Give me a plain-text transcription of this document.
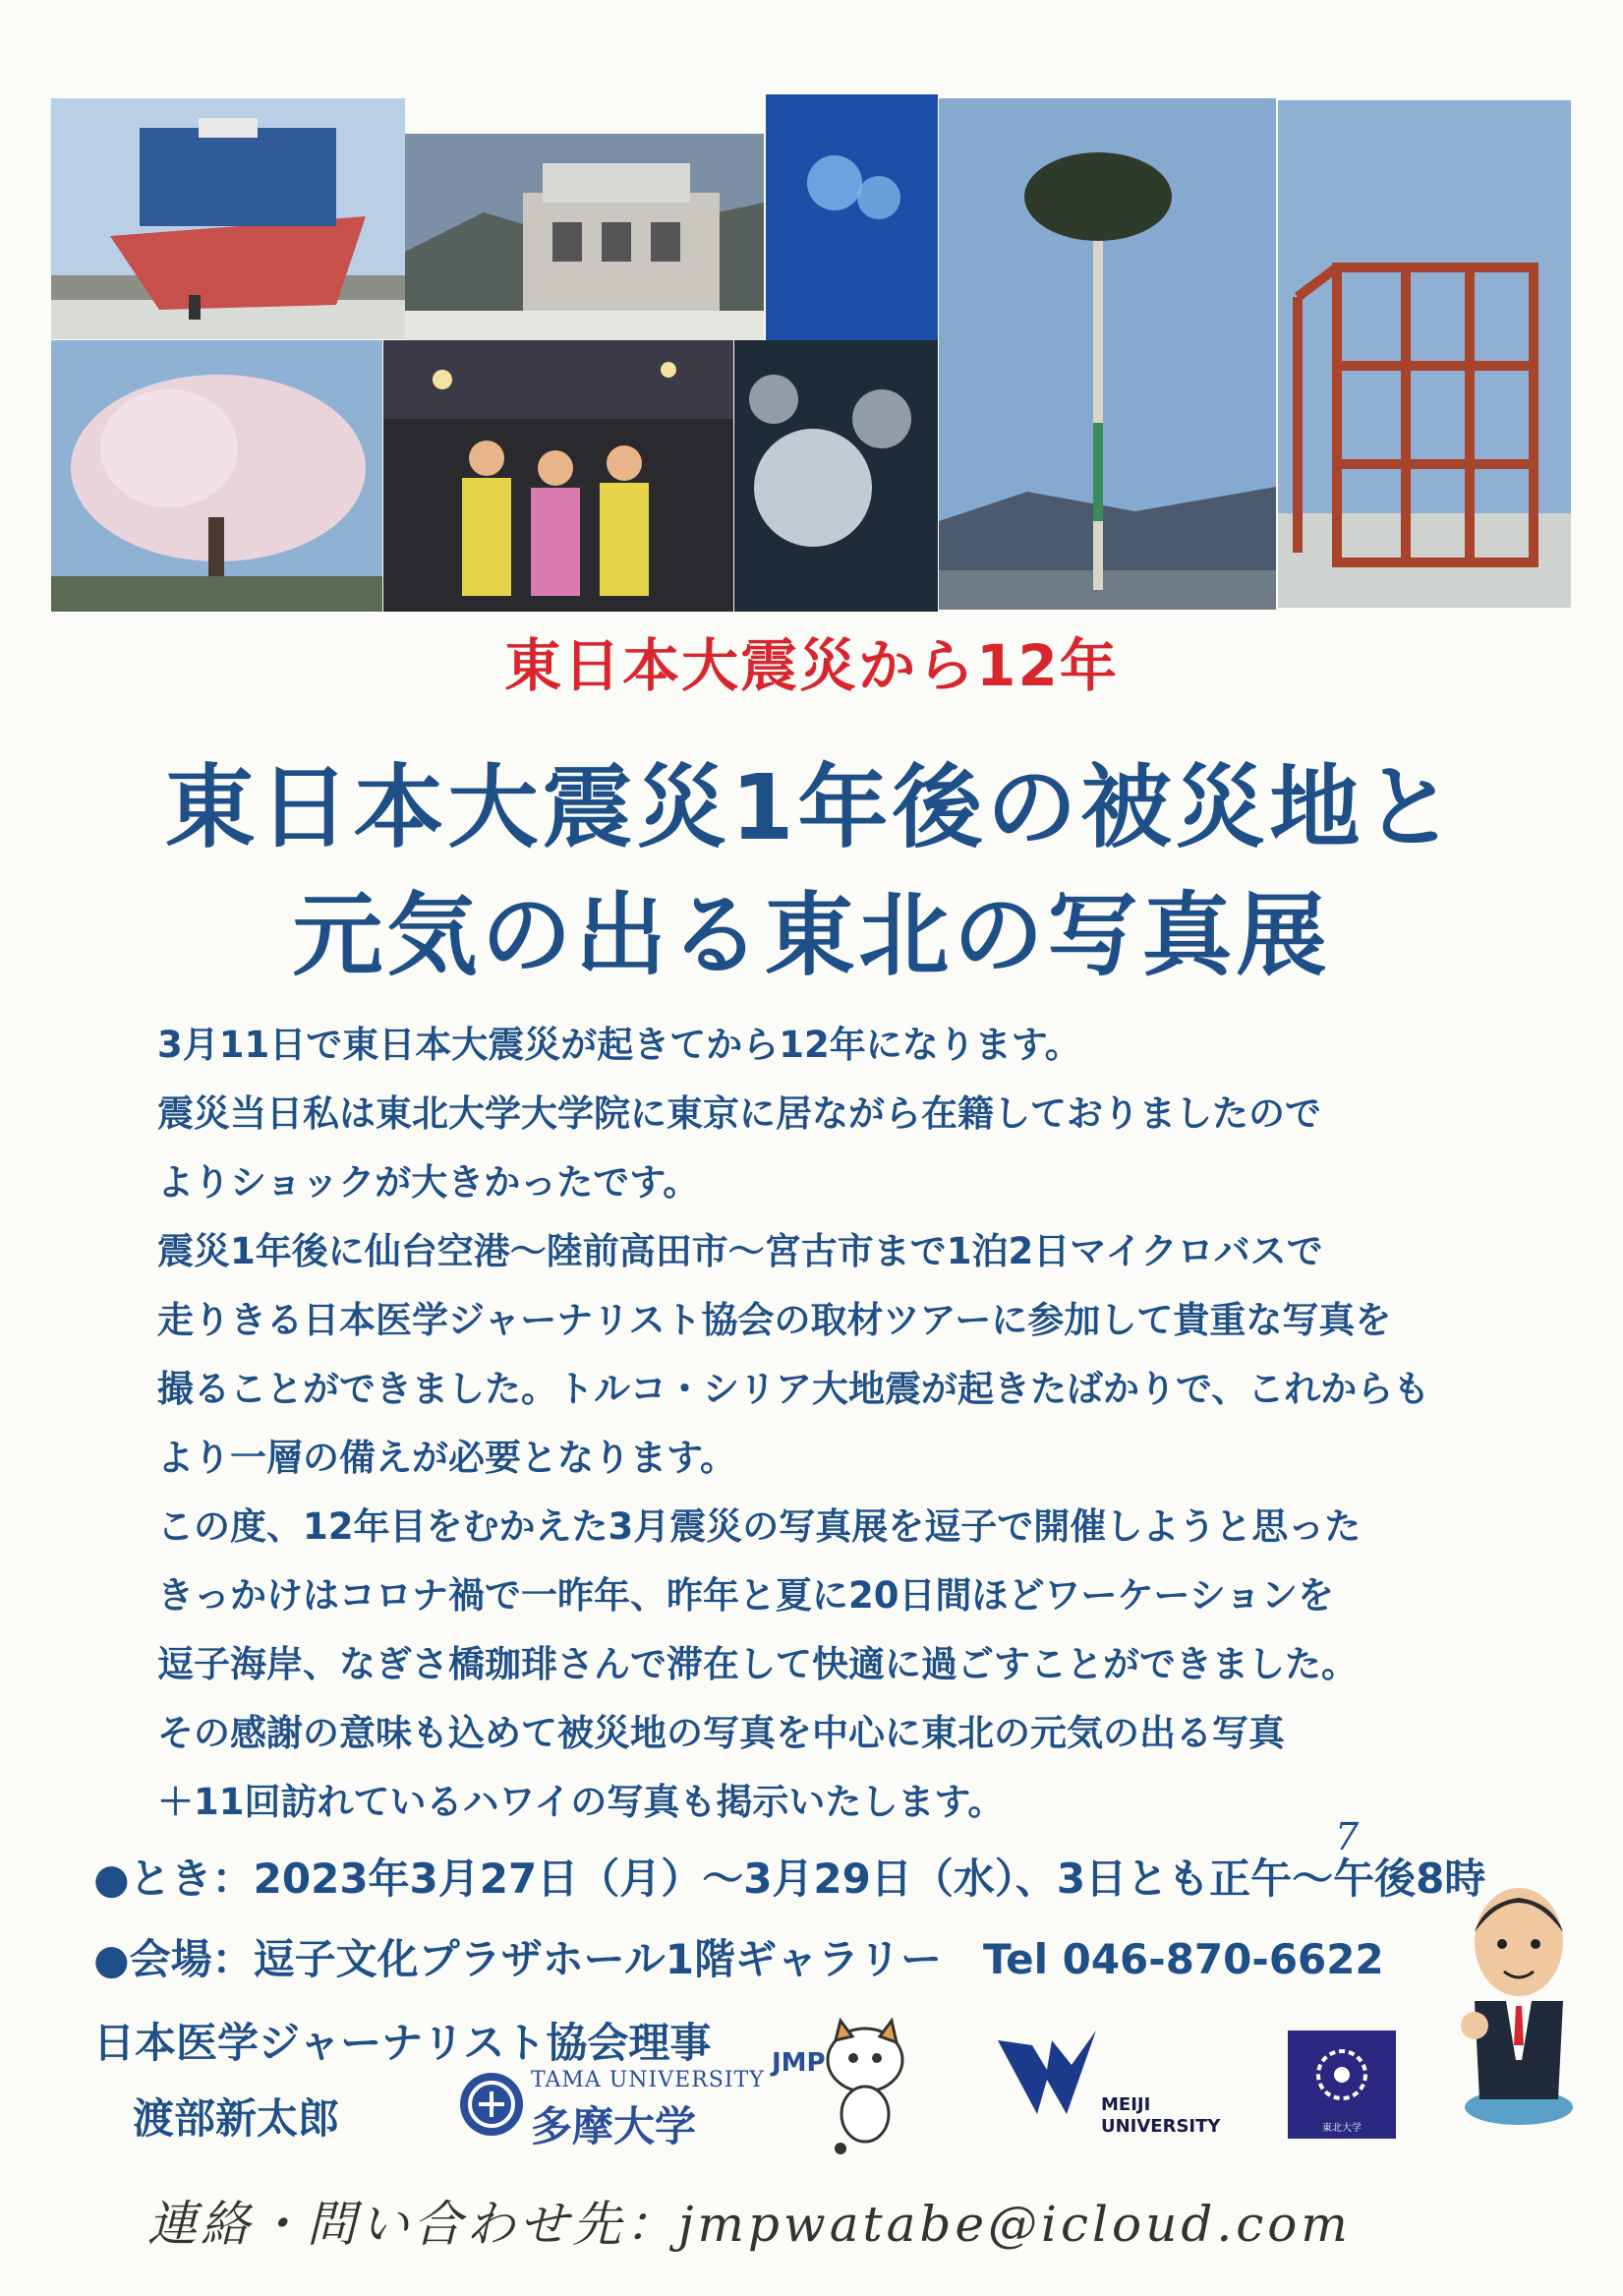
東日本大震災から12年
東日本大震災1年後の被災地と
元気の出る東北の写真展

3月11日で東日本大震災が起きてから12年になります。

震災当日私は東北大学大学院に東京に居ながら在籍しておりましたので

よりショックが大きかったです。

震災1年後に仙台空港～陸前高田市～宮古市まで1泊2日マイクロバスで

走りきる日本医学ジャーナリスト協会の取材ツアーに参加して貴重な写真を

撮ることができました。トルコ・シリア大地震が起きたばかりで、これからも

より一層の備えが必要となります。

この度、12年目をむかえた3月震災の写真展を逗子で開催しようと思った

きっかけはコロナ禍で一昨年、昨年と夏に20日間ほどワーケーションを

逗子海岸、なぎさ橋珈琲さんで滞在して快適に過ごすことができました。

その感謝の意味も込めて被災地の写真を中心に東北の元気の出る写真

＋11回訪れているハワイの写真も掲示いたします。

7
●とき：2023年3月27日（月）～3月29日（水）、3日とも正午～午後8時
●会場：逗子文化プラザホール1階ギャラリー　Tel 046-870-6622
日本医学ジャーナリスト協会理事
渡部新太郎
TAMA UNIVERSITY
多摩大学
JMP
MEIJI
UNIVERSITY	東北大学
連絡・問い合わせ先：jmpwatabe@icloud.com
